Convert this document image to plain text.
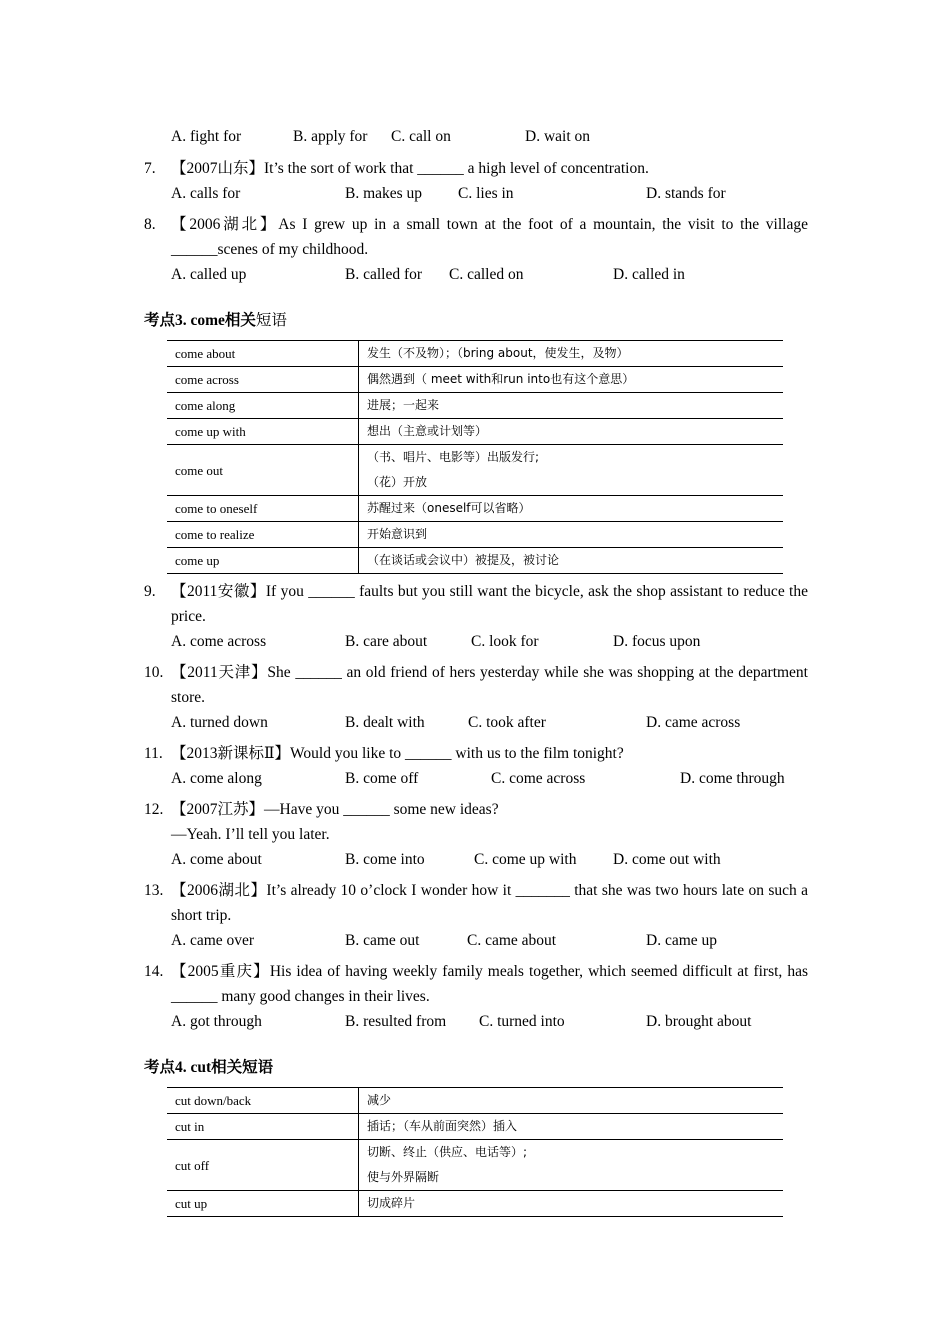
A. fight for	B. apply for C. call on	D. wait on
7. 【2007山东】It’s the sort of work that ______ a high level of concentration.
A. calls for	B. makes up C. lies in	D. stands for
8. 【2006湖北】As I grew up in a small town at the foot of a mountain, the visit to the village ______scenes of my childhood.
A. called up	B. called for C. called on	D. called in
考点3. come相关短语
come about	发生（不及物）；（bring about，使发生，及物）
come across	偶然遇到（ meet with和run into也有这个意思）
come along	进展；一起来
come up with	想出（主意或计划等）
come out	（书、唱片、电影等）出版发行;
（花）开放

come to oneself	苏醒过来（oneself可以省略）
come to realize	开始意识到
come up	（在谈话或会议中）被提及，被讨论
9. 【2011安徽】If you ______ faults but you still want the bicycle, ask the shop assistant to reduce the price.
A. come across	B. care about	C. look for	D. focus upon
10. 【2011天津】She ______ an old friend of hers yesterday while she was shopping at the department store.
A. turned down	B. dealt with	C. took after	D. came across
11. 【2013新课标Ⅱ】Would you like to ______ with us to the film tonight?
A. come along	B. come off	C. come across	D. come through
12. 【2007江苏】—Have you ______ some new ideas?
—Yeah. I’ll tell you later.
A. come about	B. come into	C. come up with D. come out with
13. 【2006湖北】It’s already 10 o’clock I wonder how it _______ that she was two hours late on such a short trip.
A. came over	B. came out	C. came about	D. came up
14. 【2005重庆】His idea of having weekly family meals together, which seemed difficult at first, has ______ many good changes in their lives.
A. got through	B. resulted from C. turned into	D. brought about
考点4. cut相关短语
cut down/back	减少
cut in	插话；（车从前面突然）插入
cut off	切断、终止（供应、电话等）;
使与外界隔断

cut up	切成碎片
